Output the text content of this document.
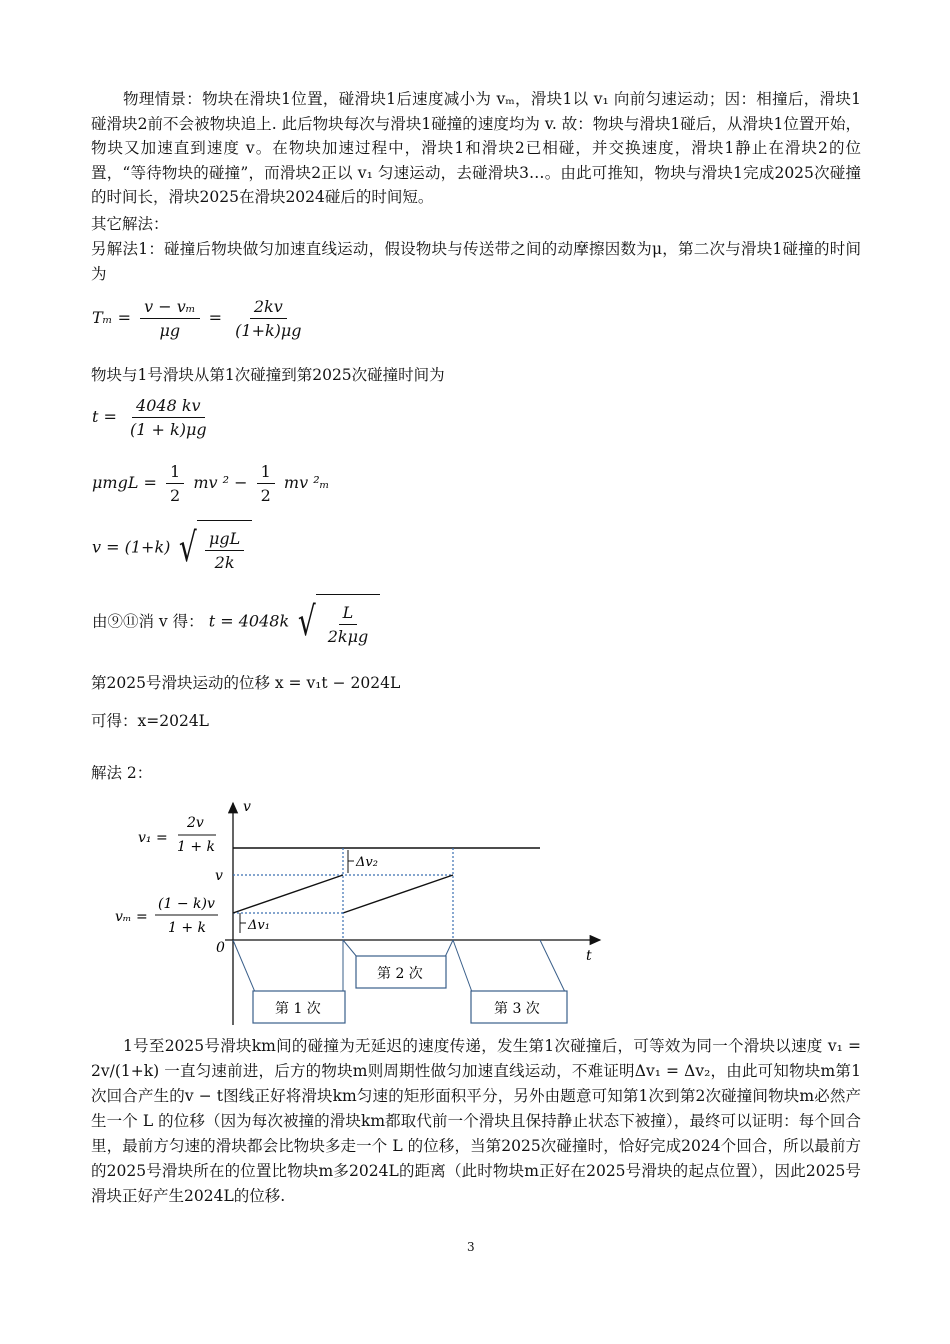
物理情景：物块在滑块1位置，碰滑块1后速度减小为 vₘ，滑块1以 v₁ 向前匀速运动；因：相撞后，滑块1碰滑块2前不会被物块追上. 此后物块每次与滑块1碰撞的速度均为 v. 故：物块与滑块1碰后，从滑块1位置开始，物块又加速直到速度 v。在物块加速过程中，滑块1和滑块2已相碰，并交换速度，滑块1静止在滑块2的位置，“等待物块的碰撞”，而滑块2正以 v₁ 匀速运动，去碰滑块3…。由此可推知，物块与滑块1完成2025次碰撞的时间长，滑块2025在滑块2024碰后的时间短。
其它解法：
另解法1：碰撞后物块做匀加速直线运动，假设物块与传送带之间的动摩擦因数为μ，第二次与滑块1碰撞的时间为
$T_m = \frac{\text{v − vₘ}}{\mu g} = \frac{2kv}{(1+k)\mu g}$
物块与1号滑块从第1次碰撞到第2025次碰撞时间为
$t = \frac{4048 kv}{(1 + k)\mu g}$
$\mu mgL = \frac{1}{2}$ mv $^2 - \frac{1}{2}$ mv ²ₘ
v = (1+k) √ $\frac{\text{μgL}}{2k}$
由⑨⑪消 v 得： t = 4048k √ $\frac{L}{\text{2kμg}}$
第2025号滑块运动的位移 x = v₁t − 2024L
可得：x=2024L
解法 2：
v
t
0
Δv₁
Δv₂
v₁ =
2v
1 + k
v
vₘ =
(1 − k)v
1 + k
第 1 次
第 2 次
第 3 次
1号至2025号滑块km间的碰撞为无延迟的速度传递，发生第1次碰撞后，可等效为同一个滑块以速度 v₁ = 2v/(1+k) 一直匀速前进，后方的物块m则周期性做匀加速直线运动，不难证明Δv₁ = Δv₂，由此可知物块m第1次回合产生的v − t图线正好将滑块km匀速的矩形面积平分，另外由题意可知第1次到第2次碰撞间物块m必然产生一个 L 的位移（因为每次被撞的滑块km都取代前一个滑块且保持静止状态下被撞），最终可以证明：每个回合里，最前方匀速的滑块都会比物块多走一个 L 的位移，当第2025次碰撞时，恰好完成2024个回合，所以最前方的2025号滑块所在的位置比物块m多2024L的距离（此时物块m正好在2025号滑块的起点位置），因此2025号滑块正好产生2024L的位移.
3
